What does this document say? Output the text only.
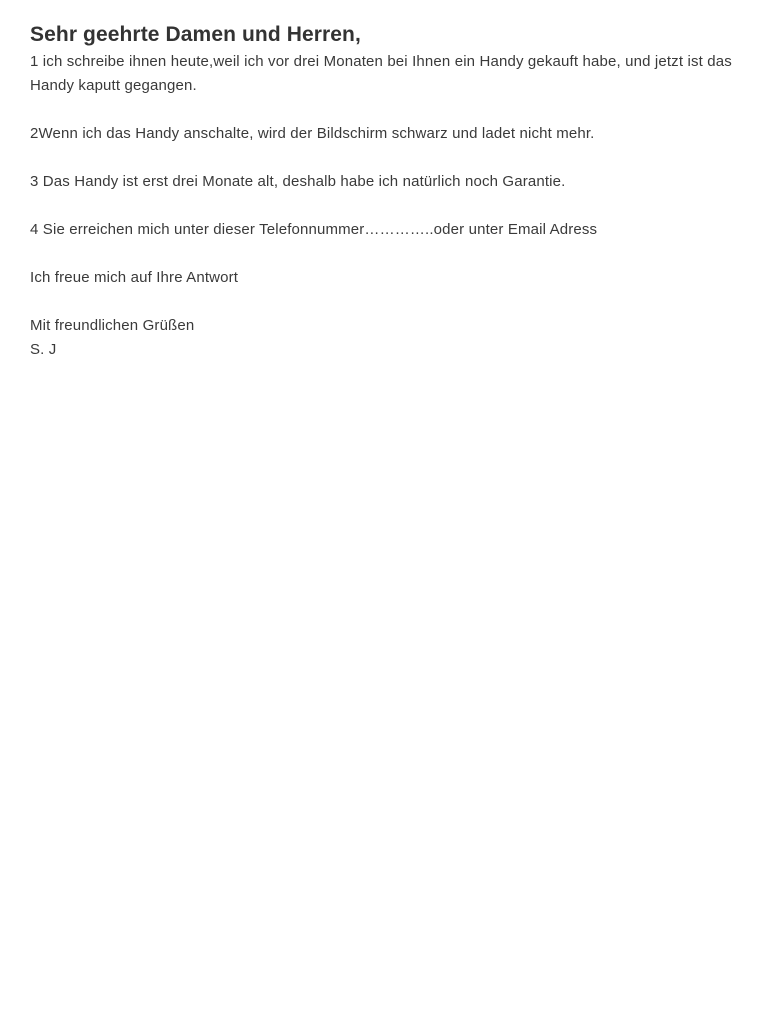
Sehr geehrte Damen und Herren,

1 ich schreibe ihnen heute,weil ich vor drei Monaten bei Ihnen ein Handy gekauft habe, und jetzt ist das Handy kaputt gegangen.

2Wenn ich das Handy anschalte, wird der Bildschirm schwarz und ladet nicht mehr.

3 Das Handy ist erst drei Monate alt, deshalb habe ich natürlich noch Garantie.

4 Sie erreichen mich unter dieser Telefonnummer…………..oder unter Email Adress

Ich freue mich auf Ihre Antwort

Mit freundlichen Grüßen

S. J
